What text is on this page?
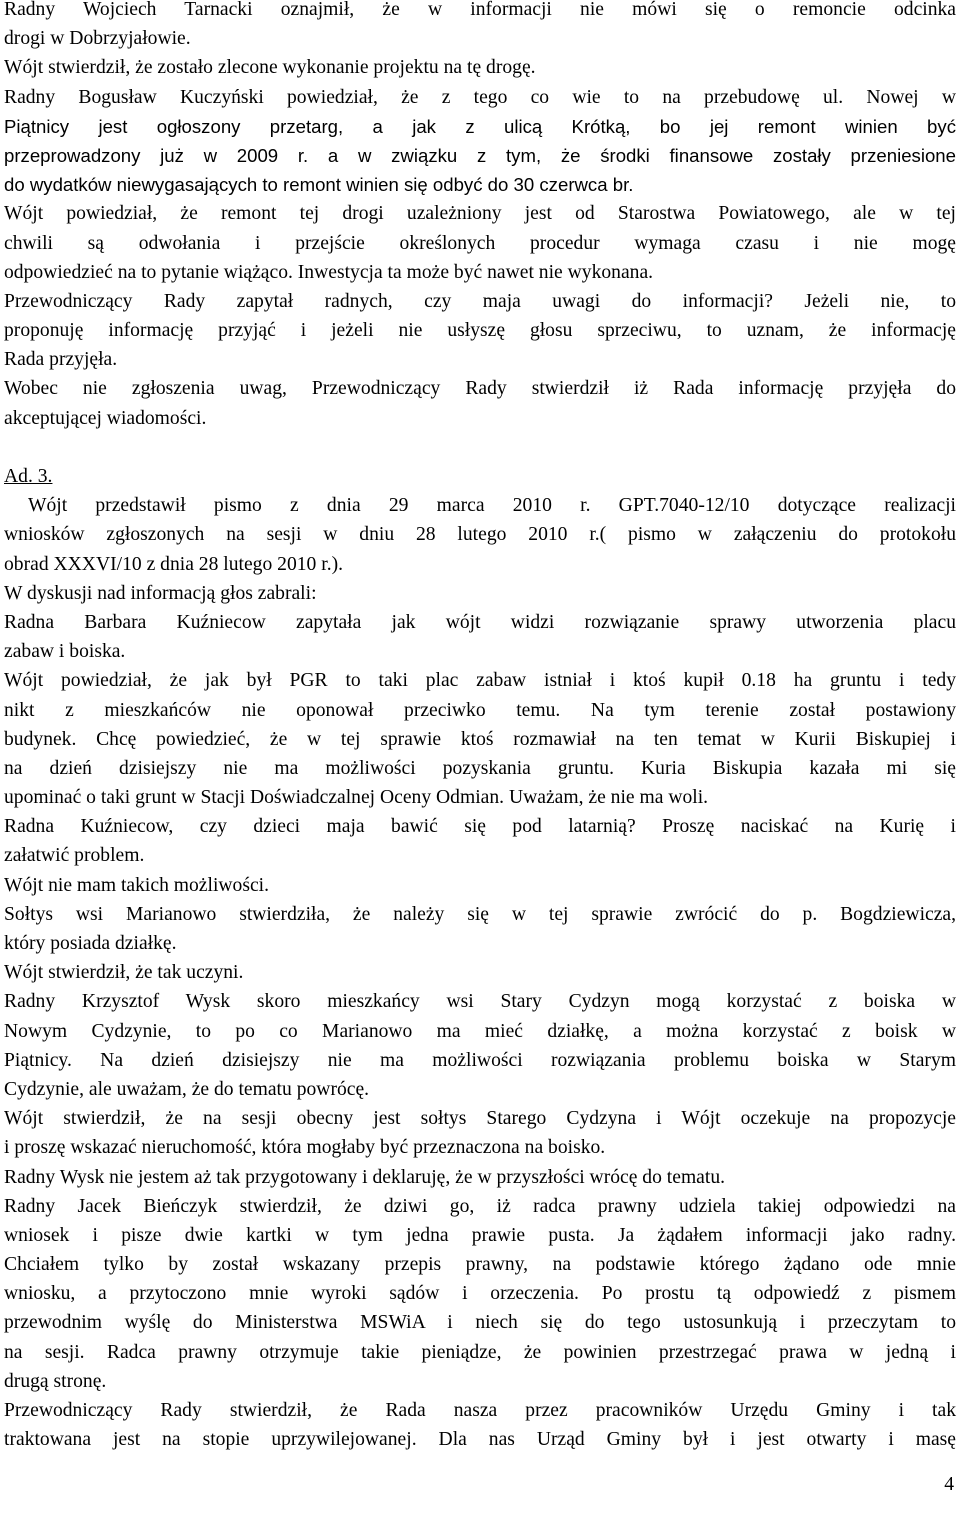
Radny Wojciech Tarnacki oznajmił, że w informacji nie mówi się o remoncie odcinka
drogi w Dobrzyjałowie.
Wójt stwierdził, że zostało zlecone wykonanie projektu na tę drogę.
Radny Bogusław Kuczyński powiedział, że z tego co wie to na przebudowę ul. Nowej w
Piątnicy jest ogłoszony przetarg, a jak z ulicą Krótką, bo jej remont winien być
przeprowadzony już w 2009 r. a w związku z tym, że środki finansowe zostały przeniesione
do wydatków niewygasających to remont winien się odbyć do 30 czerwca br.
Wójt powiedział, że remont tej drogi uzależniony jest od Starostwa Powiatowego, ale w tej
chwili są odwołania i przejście określonych procedur wymaga czasu i nie mogę
odpowiedzieć na to pytanie wiążąco. Inwestycja ta może być nawet nie wykonana.
Przewodniczący Rady zapytał radnych, czy maja uwagi do informacji? Jeżeli nie, to
proponuję informację przyjąć i jeżeli nie usłyszę głosu sprzeciwu, to uznam, że informację
Rada przyjęła.
Wobec nie zgłoszenia uwag, Przewodniczący Rady stwierdził iż Rada informację przyjęła do
akceptującej wiadomości.
Ad. 3.
Wójt przedstawił pismo z dnia 29 marca 2010 r. GPT.7040-12/10 dotyczące realizacji
wniosków zgłoszonych na sesji w dniu 28 lutego 2010 r.( pismo w załączeniu do protokołu
obrad XXXVI/10 z dnia 28 lutego 2010 r.).
W dyskusji nad informacją głos zabrali:
Radna Barbara Kuźniecow zapytała jak wójt widzi rozwiązanie sprawy utworzenia placu
zabaw i boiska.
Wójt powiedział, że jak był PGR to taki plac zabaw istniał i ktoś kupił 0.18 ha gruntu i tedy
nikt z mieszkańców nie oponował przeciwko temu. Na tym terenie został postawiony
budynek. Chcę powiedzieć, że w tej sprawie ktoś rozmawiał na ten temat w Kurii Biskupiej i
na dzień dzisiejszy nie ma możliwości pozyskania gruntu. Kuria Biskupia kazała mi się
upominać o taki grunt w Stacji Doświadczalnej Oceny Odmian. Uważam, że nie ma woli.
Radna Kuźniecow, czy dzieci maja bawić się pod latarnią? Proszę naciskać na Kurię i
załatwić problem.
Wójt nie mam takich możliwości.
Sołtys wsi Marianowo stwierdziła, że należy się w tej sprawie zwrócić do p. Bogdziewicza,
który posiada działkę.
Wójt stwierdził, że tak uczyni.
Radny Krzysztof Wysk skoro mieszkańcy wsi Stary Cydzyn mogą korzystać z boiska w
Nowym Cydzynie, to po co Marianowo ma mieć działkę, a można korzystać z boisk w
Piątnicy. Na dzień dzisiejszy nie ma możliwości rozwiązania problemu boiska w Starym
Cydzynie, ale uważam, że do tematu powrócę.
Wójt stwierdził, że na sesji obecny jest sołtys Starego Cydzyna i Wójt oczekuje na propozycje
i proszę wskazać nieruchomość, która mogłaby być przeznaczona na boisko.
Radny Wysk nie jestem aż tak przygotowany i deklaruję, że w przyszłości wrócę do tematu.
Radny Jacek Bieńczyk stwierdził, że dziwi go, iż radca prawny udziela takiej odpowiedzi na
wniosek i pisze dwie kartki w tym jedna prawie pusta. Ja żądałem informacji jako radny.
Chciałem tylko by został wskazany przepis prawny, na podstawie którego żądano ode mnie
wniosku, a przytoczono mnie wyroki sądów i orzeczenia. Po prostu tą odpowiedź z pismem
przewodnim wyślę do Ministerstwa MSWiA i niech się do tego ustosunkują i przeczytam to
na sesji. Radca prawny otrzymuje takie pieniądze, że powinien przestrzegać prawa w jedną i
drugą stronę.
Przewodniczący Rady stwierdził, że Rada nasza przez pracowników Urzędu Gminy i tak
traktowana jest na stopie uprzywilejowanej. Dla nas Urząd Gminy był i jest otwarty i masę
4
